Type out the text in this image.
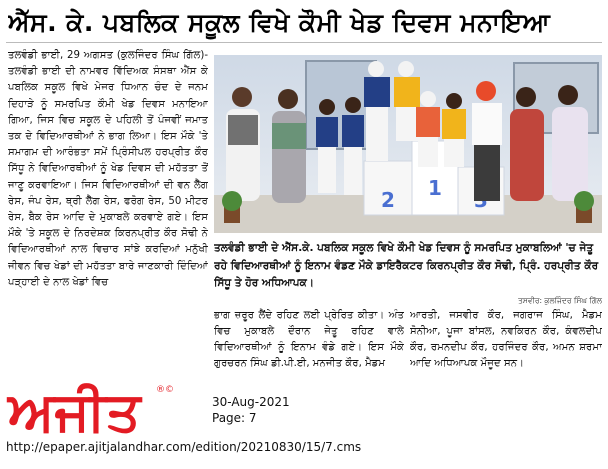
ਐੱਸ. ਕੇ. ਪਬਲਿਕ ਸਕੂਲ ਵਿਖੇ ਕੌਮੀ ਖੇਡ ਦਿਵਸ ਮਨਾਇਆ

ਤਲਵੰਡੀ ਭਾਈ, 29 ਅਗਸਤ (ਕੁਲਜਿੰਦਰ ਸਿੰਘ ਗਿੱਲ)-ਤਲਵੰਡੀ ਭਾਈ ਦੀ ਨਾਮਵਰ ਵਿੱਦਿਅਕ ਸੰਸਥਾ ਐੱਸ ਕੇ ਪਬਲਿਕ ਸਕੂਲ ਵਿਖੇ ਮੇਜਰ ਧਿਆਨ ਚੰਦ ਦੇ ਜਨਮ ਦਿਹਾੜੇ ਨੂੰ ਸਮਰਪਿਤ ਕੌਮੀ ਖੇਡ ਦਿਵਸ ਮਨਾਇਆ ਗਿਆ, ਜਿਸ ਵਿਚ ਸਕੂਲ ਦੇ ਪਹਿਲੀ ਤੋਂ ਪੰਜਵੀਂ ਜਮਾਤ ਤਕ ਦੇ ਵਿਦਿਆਰਥੀਆਂ ਨੇ ਭਾਗ ਲਿਆ। ਇਸ ਮੌਕੇ 'ਤੇ ਸਮਾਗਮ ਦੀ ਆਰੰਭਤਾ ਸਮੇਂ ਪ੍ਰਿੰਸੀਪਲ ਹਰਪ੍ਰੀਤ ਕੌਰ ਸਿੱਧੂ ਨੇ ਵਿਦਿਆਰਥੀਆਂ ਨੂੰ ਖੇਡ ਦਿਵਸ ਦੀ ਮਹੱਤਤਾ ਤੋਂ ਜਾਣੂ ਕਰਵਾਇਆ। ਜਿਸ ਵਿਦਿਆਰਥੀਆਂ ਦੀ ਵਨ ਲੈੱਗ ਰੇਸ, ਜੰਪ ਰੇਸ, ਥ੍ਰੀ ਲੈੱਗ ਰੇਸ, ਫਰੋਗ ਰੇਸ, 50 ਮੀਟਰ ਰੇਸ, ਬੈਕ ਰੇਸ ਆਦਿ ਦੇ ਮੁਕਾਬਲੇ ਕਰਵਾਏ ਗਏ। ਇਸ ਮੌਕੇ 'ਤੇ ਸਕੂਲ ਦੇ ਨਿਰਦੇਸ਼ਕ ਕਿਰਨਪ੍ਰੀਤ ਕੌਰ ਸੋਢੀ ਨੇ ਵਿਦਿਆਰਥੀਆਂ ਨਾਲ ਵਿਚਾਰ ਸਾਂਝੇ ਕਰਦਿਆਂ ਮਨੁੱਖੀ ਜੀਵਨ ਵਿਚ ਖੇਡਾਂ ਦੀ ਮਹੱਤਤਾ ਬਾਰੇ ਜਾਣਕਾਰੀ ਦਿੰਦਿਆਂ ਪੜ੍ਹਾਈ ਦੇ ਨਾਲ ਖੇਡਾਂ ਵਿਚ

2 1
ਤਲਵੰਡੀ ਭਾਈ ਦੇ ਐੱਸ.ਕੇ. ਪਬਲਿਕ ਸਕੂਲ ਵਿਖੇ ਕੌਮੀ ਖੇਡ ਦਿਵਸ ਨੂੰ ਸਮਰਪਿਤ ਮੁਕਾਬਲਿਆਂ 'ਚ ਜੇਤੂ ਰਹੇ ਵਿਦਿਆਰਥੀਆਂ ਨੂੰ ਇਨਾਮ ਵੰਡਣ ਮੌਕੇ ਡਾਇਰੈਕਟਰ ਕਿਰਨਪ੍ਰੀਤ ਕੌਰ ਸੋਢੀ, ਪ੍ਰਿੰ. ਹਰਪ੍ਰੀਤ ਕੌਰ ਸਿੱਧੂ ਤੇ ਹੋਰ ਅਧਿਆਪਕ।
ਤਸਵੀਰ: ਕੁਲਜਿੰਦਰ ਸਿੰਘ ਗਿੱਲ
ਭਾਗ ਜ਼ਰੂਰ ਲੈਂਦੇ ਰਹਿਣ ਲਈ ਪ੍ਰੇਰਿਤ ਕੀਤਾ। ਅੰਤ ਵਿਚ ਮੁਕਾਬਲੇ ਦੌਰਾਨ ਜੇਤੂ ਰਹਿਣ ਵਾਲੇ ਵਿਦਿਆਰਥੀਆਂ ਨੂੰ ਇਨਾਮ ਵੰਡੇ ਗਏ। ਇਸ ਮੌਕੇ ਗੁਰਚਰਨ ਸਿੰਘ ਡੀ.ਪੀ.ਈ, ਮਨਜੀਤ ਕੌਰ, ਮੈਡਮ
ਆਰਤੀ, ਜਸਵੀਰ ਕੌਰ, ਜਗਰਾਜ ਸਿੰਘ, ਮੈਡਮ ਸੋਨੀਆ, ਪੂਜਾ ਬਾਂਸਲ, ਨਵਕਿਰਨ ਕੌਰ, ਕੰਵਲਦੀਪ ਕੌਰ, ਰਮਨਦੀਪ ਕੌਰ, ਹਰਜਿੰਦਰ ਕੌਰ, ਅਮਨ ਸ਼ਰਮਾ ਆਦਿ ਅਧਿਆਪਕ ਮੌਜੂਦ ਸਨ।
ਅਜੀਤ ®©
30-Aug-2021
Page: 7
http://epaper.ajitjalandhar.com/edition/20210830/15/7.cms
